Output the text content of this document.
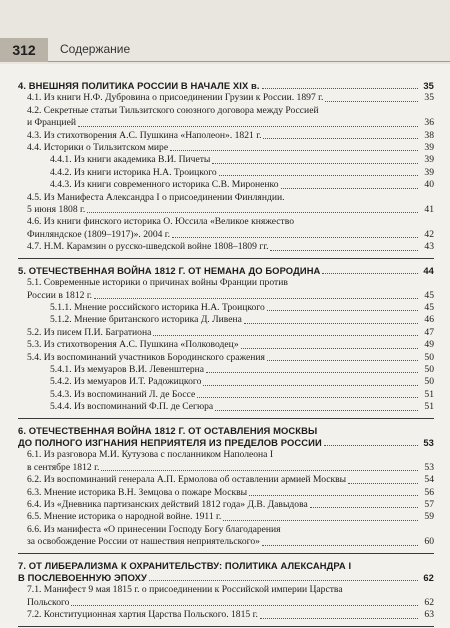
312	Содержание
4. ВНЕШНЯЯ ПОЛИТИКА РОССИИ В НАЧАЛЕ XIX в.	35
4.1. Из книги Н.Ф. Дубровина о присоединении Грузии к России. 1897 г.	35
4.2. Секретные статьи Тильзитского союзного договора между Россией
и Францией	36
4.3. Из стихотворения А.С. Пушкина «Наполеон». 1821 г.	38
4.4. Историки о Тильзитском мире	39
4.4.1. Из книги академика В.И. Пичеты	39
4.4.2. Из книги историка Н.А. Троицкого	39
4.4.3. Из книги современного историка С.В. Мироненко	40
4.5. Из Манифеста Александра I о присоединении Финляндии.
5 июня 1808 г.	41
4.6. Из книги финского историка О. Юссила «Великое княжество
Финляндское (1809–1917)». 2004 г.	42
4.7. Н.М. Карамзин о русско-шведской войне 1808–1809 гг.	43
5. ОТЕЧЕСТВЕННАЯ ВОЙНА 1812 Г. ОТ НЕМАНА ДО БОРОДИНА	44
5.1. Современные историки о причинах войны Франции против
России в 1812 г.	45
5.1.1. Мнение российского историка Н.А. Троицкого	45
5.1.2. Мнение британского историка Д. Ливена	46
5.2. Из писем П.И. Багратиона	47
5.3. Из стихотворения А.С. Пушкина «Полководец»	49
5.4. Из воспоминаний участников Бородинского сражения	50
5.4.1. Из мемуаров В.И. Левенштерна	50
5.4.2. Из мемуаров И.Т. Радожицкого	50
5.4.3. Из воспоминаний Л. де Боссе	51
5.4.4. Из воспоминаний Ф.П. де Сегюра	51
6. ОТЕЧЕСТВЕННАЯ ВОЙНА 1812 Г. ОТ ОСТАВЛЕНИЯ МОСКВЫ
ДО ПОЛНОГО ИЗГНАНИЯ НЕПРИЯТЕЛЯ ИЗ ПРЕДЕЛОВ РОССИИ	53
6.1. Из разговора М.И. Кутузова с посланником Наполеона I
в сентябре 1812 г.	53
6.2. Из воспоминаний генерала А.П. Ермолова об оставлении армией Москвы	54
6.3. Мнение историка В.Н. Земцова о пожаре Москвы	56
6.4. Из «Дневника партизанских действий 1812 года» Д.В. Давыдова	57
6.5. Мнение историка о народной войне. 1911 г.	59
6.6. Из манифеста «О принесении Господу Богу благодарения
за освобождение России от нашествия неприятельского»	60
7. ОТ ЛИБЕРАЛИЗМА К ОХРАНИТЕЛЬСТВУ: ПОЛИТИКА АЛЕКСАНДРА I
В ПОСЛЕВОЕННУЮ ЭПОХУ	62
7.1. Манифест 9 мая 1815 г. о присоединении к Российской империи Царства
Польского	62
7.2. Конституционная хартия Царства Польского. 1815 г.	63
